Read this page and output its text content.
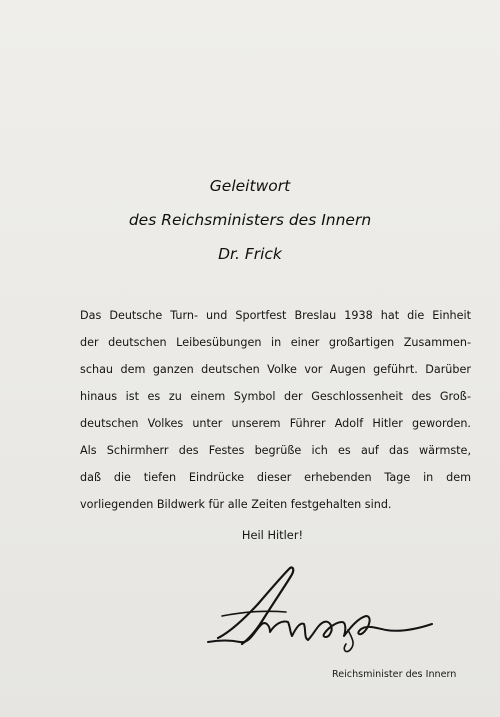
Geleitwort
des Reichsministers des Innern
Dr. Frick
Das Deutsche Turn- und Sportfest Breslau 1938 hat die Einheit
der deutschen Leibesübungen in einer großartigen Zusammen-
schau dem ganzen deutschen Volke vor Augen geführt. Darüber
hinaus ist es zu einem Symbol der Geschlossenheit des Groß-
deutschen Volkes unter unserem Führer Adolf Hitler geworden.
Als Schirmherr des Festes begrüße ich es auf das wärmste,
daß die tiefen Eindrücke dieser erhebenden Tage in dem
vorliegenden Bildwerk für alle Zeiten festgehalten sind.
Heil Hitler!
Reichsminister des Innern
